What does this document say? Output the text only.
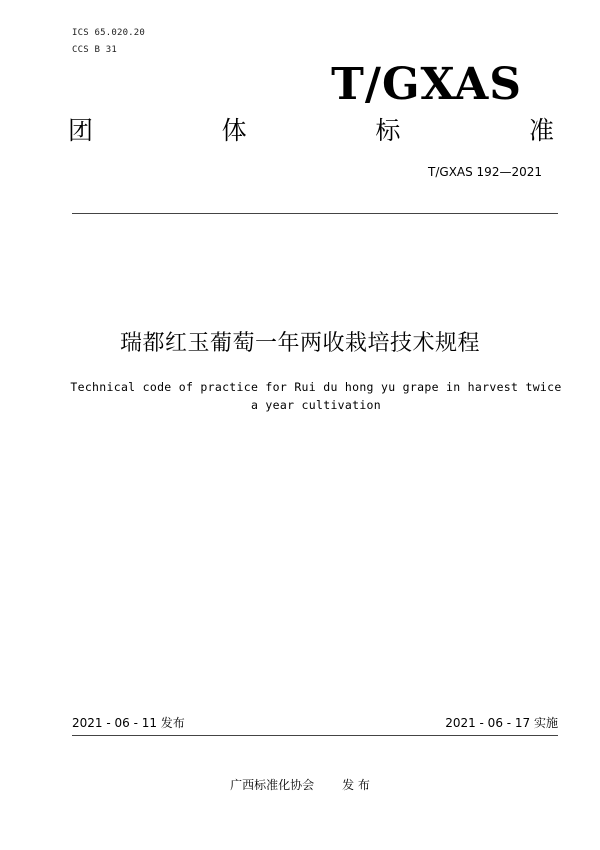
ICS 65.020.20
CCS B 31
T/GXAS
团	体	标	准
T/GXAS 192—2021
瑞都红玉葡萄一年两收栽培技术规程
Technical code of practice for Rui du hong yu grape in harvest twice a year cultivation
2021 - 06 - 11 发布	2021 - 06 - 17 实施
广西标准化协会 发 布
